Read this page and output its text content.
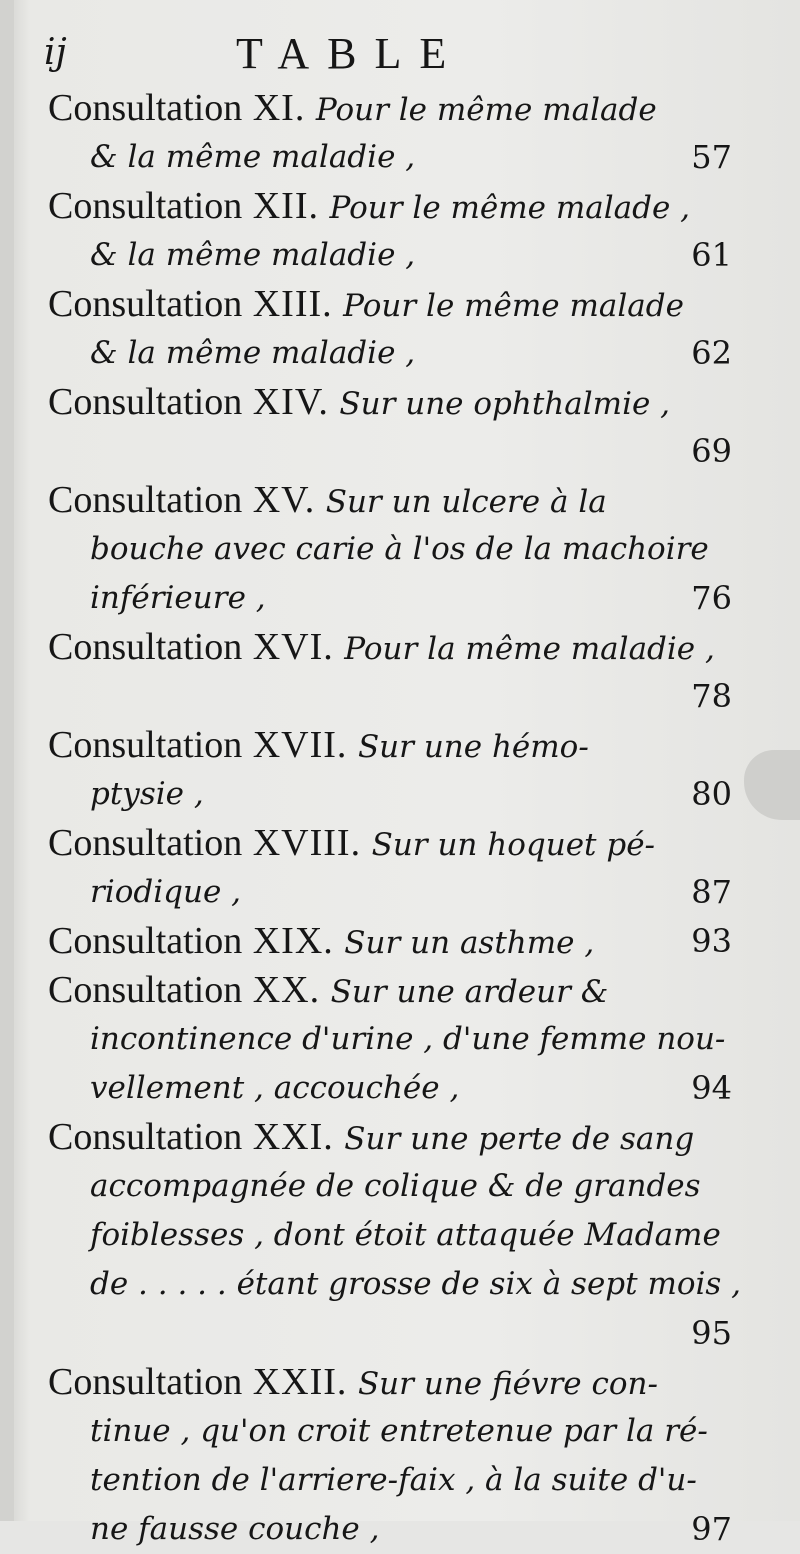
ij	TABLE
Consultation XI. Pour le même malade
& la même maladie ,	57
Consultation XII. Pour le même malade ,
& la même maladie ,	61
Consultation XIII. Pour le même malade
& la même maladie ,	62
Consultation XIV. Sur une ophthalmie ,
69
Consultation XV. Sur un ulcere à la
bouche avec carie à l'os de la machoire
inférieure ,	76
Consultation XVI. Pour la même maladie ,
78
Consultation XVII. Sur une hémo-
ptysie ,	80
Consultation XVIII. Sur un hoquet pé-
riodique ,	87
Consultation XIX. Sur un asthme ,	93
Consultation XX. Sur une ardeur &
incontinence d'urine , d'une femme nou-
vellement , accouchée ,	94
Consultation XXI. Sur une perte de sang
accompagnée de colique & de grandes
foiblesses , dont étoit attaquée Madame
de . . . . . étant grosse de six à sept mois ,
95
Consultation XXII. Sur une fiévre con-
tinue , qu'on croit entretenue par la ré-
tention de l'arriere-faix , à la suite d'u-
ne fausse couche ,	97
